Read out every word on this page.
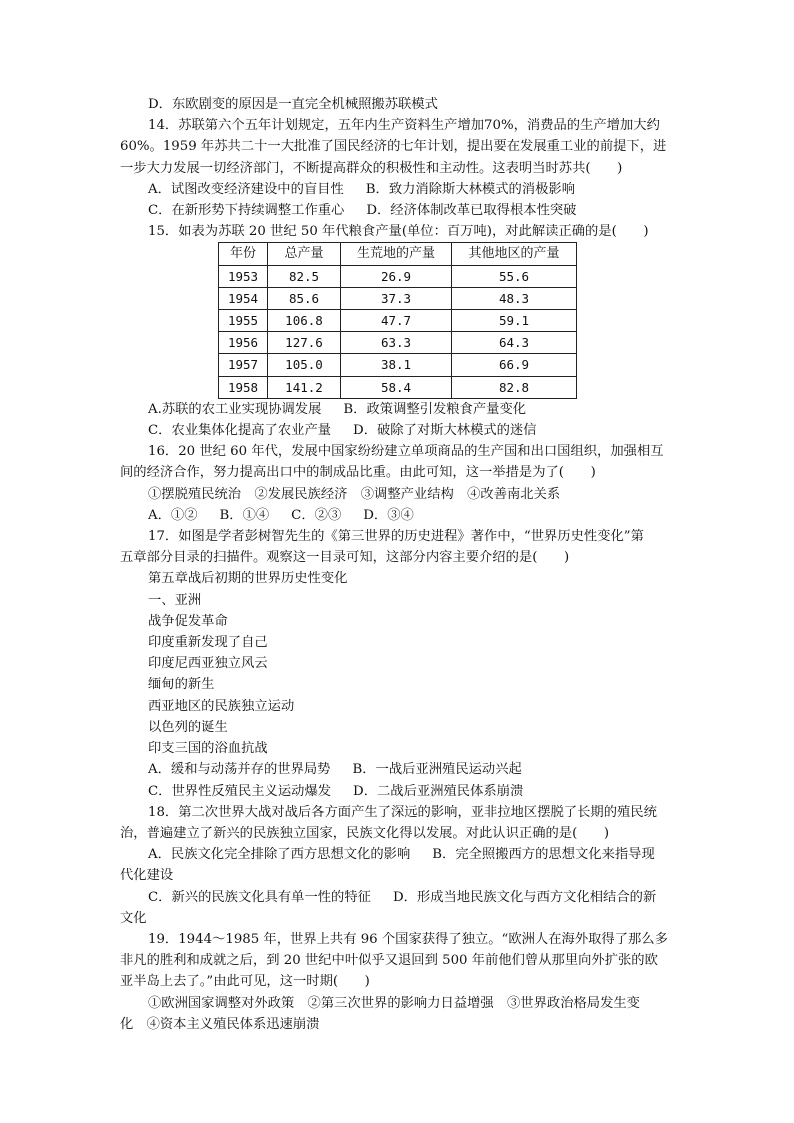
D．东欧剧变的原因是一直完全机械照搬苏联模式
14．苏联第六个五年计划规定，五年内生产资料生产增加70%，消费品的生产增加大约
60%。1959 年苏共二十一大批准了国民经济的七年计划，提出要在发展重工业的前提下，进
一步大力发展一切经济部门，不断提高群众的积极性和主动性。这表明当时苏共(　　)
A．试图改变经济建设中的盲目性 B．致力消除斯大林模式的消极影响
C．在新形势下持续调整工作重心 D．经济体制改革已取得根本性突破
15．如表为苏联 20 世纪 50 年代粮食产量(单位：百万吨)，对此解读正确的是(　　)
年份	总产量	生荒地的产量	其他地区的产量
1953	82.5	26.9	55.6
1954	85.6	37.3	48.3
1955	106.8	47.7	59.1
1956	127.6	63.3	64.3
1957	105.0	38.1	66.9
1958	141.2	58.4	82.8
A.苏联的农工业实现协调发展 B．政策调整引发粮食产量变化
C．农业集体化提高了农业产量 D．破除了对斯大林模式的迷信
16．20 世纪 60 年代，发展中国家纷纷建立单项商品的生产国和出口国组织，加强相互
间的经济合作，努力提高出口中的制成品比重。由此可知，这一举措是为了(　　)
①摆脱殖民统治　②发展民族经济　③调整产业结构　④改善南北关系
A．①② B．①④ C．②③ D．③④
17．如图是学者彭树智先生的《第三世界的历史进程》著作中，“世界历史性变化”第
五章部分目录的扫描件。观察这一目录可知，这部分内容主要介绍的是(　　)
第五章战后初期的世界历史性变化
一、亚洲
战争促发革命
印度重新发现了自己
印度尼西亚独立风云
缅甸的新生
西亚地区的民族独立运动
以色列的诞生
印支三国的浴血抗战
A．缓和与动荡并存的世界局势 B．一战后亚洲殖民运动兴起
C．世界性反殖民主义运动爆发 D．二战后亚洲殖民体系崩溃
18．第二次世界大战对战后各方面产生了深远的影响，亚非拉地区摆脱了长期的殖民统
治，普遍建立了新兴的民族独立国家，民族文化得以发展。对此认识正确的是(　　)
A．民族文化完全排除了西方思想文化的影响 B．完全照搬西方的思想文化来指导现
代化建设
C．新兴的民族文化具有单一性的特征 D．形成当地民族文化与西方文化相结合的新
文化
19．1944～1985 年，世界上共有 96 个国家获得了独立。“欧洲人在海外取得了那么多
非凡的胜利和成就之后，到 20 世纪中叶似乎又退回到 500 年前他们曾从那里向外扩张的欧
亚半岛上去了。”由此可见，这一时期(　　)
①欧洲国家调整对外政策　②第三次世界的影响力日益增强　③世界政治格局发生变
化　④资本主义殖民体系迅速崩溃
